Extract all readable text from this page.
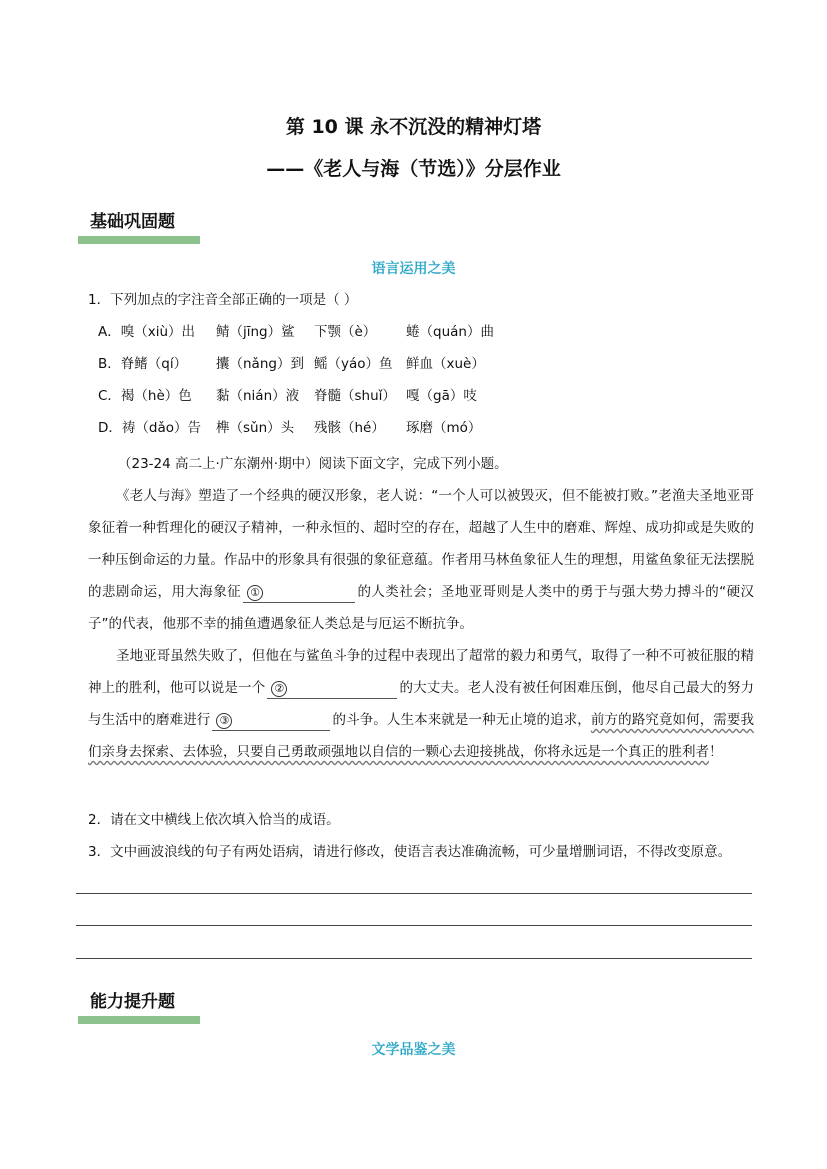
第 10 课 永不沉没的精神灯塔
——《老人与海（节选）》分层作业
基础巩固题
语言运用之美
1．下列加点的字注音全部正确的一项是（ ）
A．嗅（xiù）出 鲭（jīng）鲨 下颚（è） 蜷（quán）曲
B．脊鳍（qí） 攮（nǎng）到 鳐（yáo）鱼 鲜血（xuè）
C．褐（hè）色 黏（nián）液 脊髓（shuǐ） 嘎（gā）吱
D．祷（dǎo）告 榫（sǔn）头 残骸（hé） 琢磨（mó）
（23-24 高二上·广东潮州·期中）阅读下面文字，完成下列小题。
《老人与海》塑造了一个经典的硬汉形象，老人说：“一个人可以被毁灭，但不能被打败。”老渔夫圣地亚哥象征着一种哲理化的硬汉子精神，一种永恒的、超时空的存在，超越了人生中的磨难、辉煌、成功抑或是失败的一种压倒命运的力量。作品中的形象具有很强的象征意蕴。作者用马林鱼象征人生的理想，用鲨鱼象征无法摆脱的悲剧命运，用大海象征 ①	的人类社会；圣地亚哥则是人类中的勇于与强大势力搏斗的“硬汉子”的代表，他那不幸的捕鱼遭遇象征人类总是与厄运不断抗争。
圣地亚哥虽然失败了，但他在与鲨鱼斗争的过程中表现出了超常的毅力和勇气，取得了一种不可被征服的精神上的胜利，他可以说是一个 ②	的大丈夫。老人没有被任何困难压倒，他尽自己最大的努力与生活中的磨难进行 ③	的斗争。人生本来就是一种无止境的追求，前方的路究竟如何，需要我们亲身去探索、去体验，只要自己勇敢顽强地以自信的一颗心去迎接挑战，你将永远是一个真正的胜利者！
2．请在文中横线上依次填入恰当的成语。
3．文中画波浪线的句子有两处语病，请进行修改，使语言表达准确流畅，可少量增删词语，不得改变原意。
能力提升题
文学品鉴之美
